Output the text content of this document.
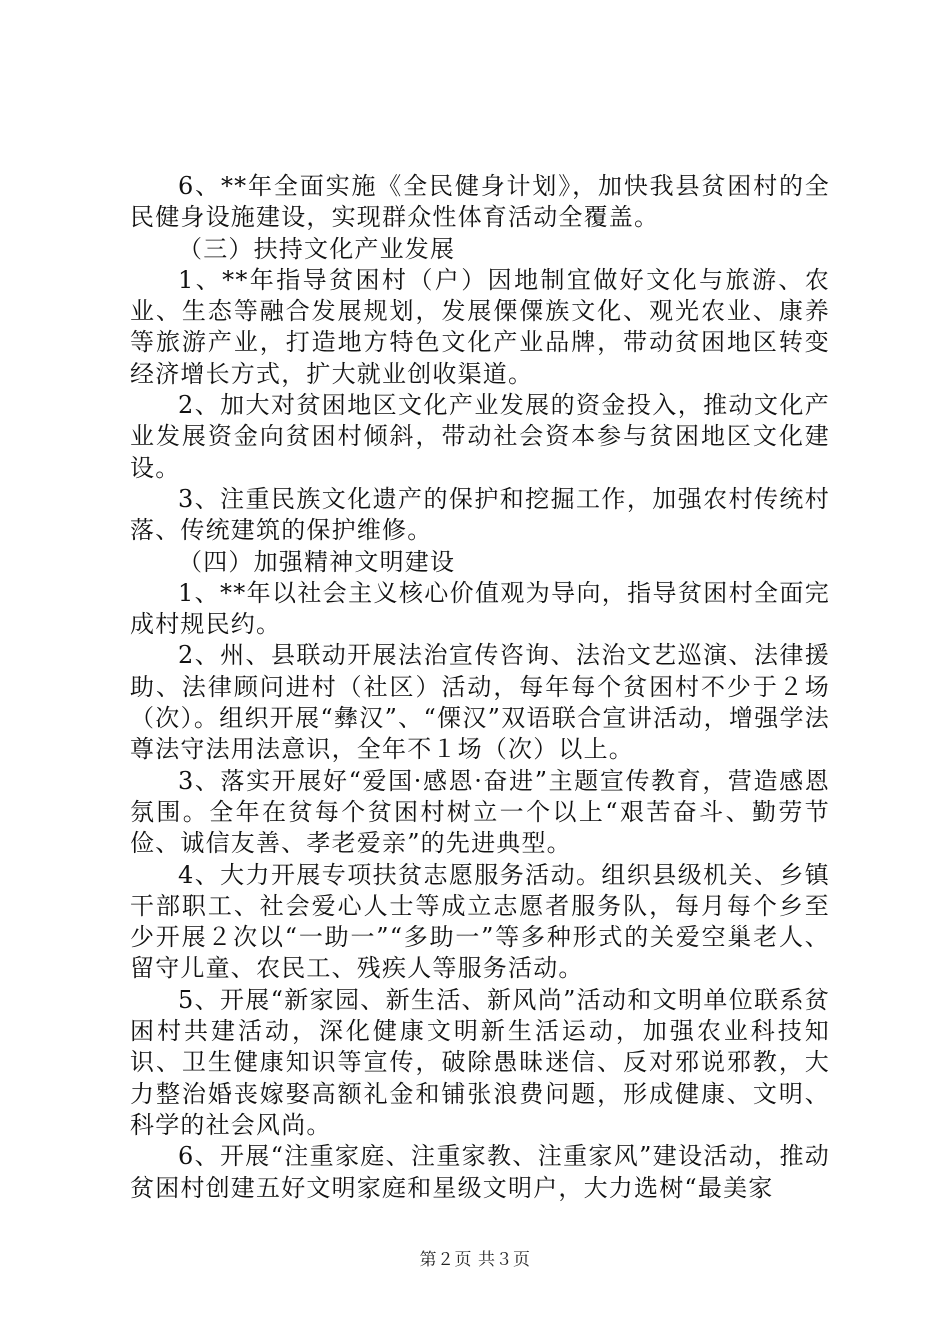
6、**年全面实施《全民健身计划》，加快我县贫困村的全民健身设施建设，实现群众性体育活动全覆盖。

（三）扶持文化产业发展

1、**年指导贫困村（户）因地制宜做好文化与旅游、农业、生态等融合发展规划，发展傈僳族文化、观光农业、康养等旅游产业，打造地方特色文化产业品牌，带动贫困地区转变经济增长方式，扩大就业创收渠道。

2、加大对贫困地区文化产业发展的资金投入，推动文化产业发展资金向贫困村倾斜，带动社会资本参与贫困地区文化建设。

3、注重民族文化遗产的保护和挖掘工作，加强农村传统村落、传统建筑的保护维修。

（四）加强精神文明建设

1、**年以社会主义核心价值观为导向，指导贫困村全面完成村规民约。

2、州、县联动开展法治宣传咨询、法治文艺巡演、法律援助、法律顾问进村（社区）活动，每年每个贫困村不少于２场（次）。组织开展“彝汉”、“傈汉”双语联合宣讲活动，增强学法尊法守法用法意识，全年不１场（次）以上。

3、落实开展好“爱国·感恩·奋进”主题宣传教育，营造感恩氛围。全年在贫每个贫困村树立一个以上“艰苦奋斗、勤劳节俭、诚信友善、孝老爱亲”的先进典型。

4、大力开展专项扶贫志愿服务活动。组织县级机关、乡镇干部职工、社会爱心人士等成立志愿者服务队，每月每个乡至少开展２次以“一助一”“多助一”等多种形式的关爱空巢老人、留守儿童、农民工、残疾人等服务活动。

5、开展“新家园、新生活、新风尚”活动和文明单位联系贫困村共建活动，深化健康文明新生活运动，加强农业科技知识、卫生健康知识等宣传，破除愚昧迷信、反对邪说邪教，大力整治婚丧嫁娶高额礼金和铺张浪费问题，形成健康、文明、科学的社会风尚。

6、开展“注重家庭、注重家教、注重家风”建设活动，推动贫困村创建五好文明家庭和星级文明户，大力选树“最美家

第２页 共３页
